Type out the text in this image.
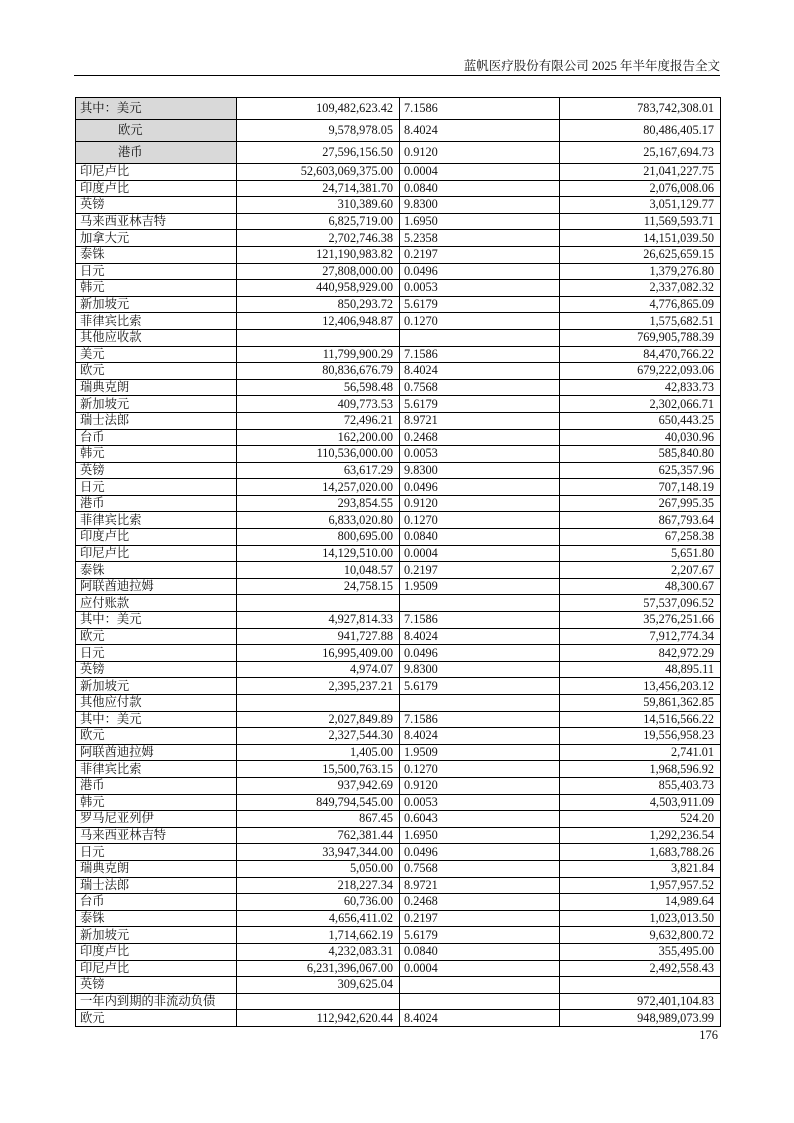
蓝帆医疗股份有限公司 2025 年半年度报告全文
其中：美元	109,482,623.42	7.1586	783,742,308.01
欧元	9,578,978.05	8.4024	80,486,405.17
港币	27,596,156.50	0.9120	25,167,694.73
印尼卢比	52,603,069,375.00	0.0004	21,041,227.75
印度卢比	24,714,381.70	0.0840	2,076,008.06
英镑	310,389.60	9.8300	3,051,129.77
马来西亚林吉特	6,825,719.00	1.6950	11,569,593.71
加拿大元	2,702,746.38	5.2358	14,151,039.50
泰铢	121,190,983.82	0.2197	26,625,659.15
日元	27,808,000.00	0.0496	1,379,276.80
韩元	440,958,929.00	0.0053	2,337,082.32
新加坡元	850,293.72	5.6179	4,776,865.09
菲律宾比索	12,406,948.87	0.1270	1,575,682.51
其他应收款			769,905,788.39
美元	11,799,900.29	7.1586	84,470,766.22
欧元	80,836,676.79	8.4024	679,222,093.06
瑞典克朗	56,598.48	0.7568	42,833.73
新加坡元	409,773.53	5.6179	2,302,066.71
瑞士法郎	72,496.21	8.9721	650,443.25
台币	162,200.00	0.2468	40,030.96
韩元	110,536,000.00	0.0053	585,840.80
英镑	63,617.29	9.8300	625,357.96
日元	14,257,020.00	0.0496	707,148.19
港币	293,854.55	0.9120	267,995.35
菲律宾比索	6,833,020.80	0.1270	867,793.64
印度卢比	800,695.00	0.0840	67,258.38
印尼卢比	14,129,510.00	0.0004	5,651.80
泰铢	10,048.57	0.2197	2,207.67
阿联酋迪拉姆	24,758.15	1.9509	48,300.67
应付账款			57,537,096.52
其中：美元	4,927,814.33	7.1586	35,276,251.66
欧元	941,727.88	8.4024	7,912,774.34
日元	16,995,409.00	0.0496	842,972.29
英镑	4,974.07	9.8300	48,895.11
新加坡元	2,395,237.21	5.6179	13,456,203.12
其他应付款			59,861,362.85
其中：美元	2,027,849.89	7.1586	14,516,566.22
欧元	2,327,544.30	8.4024	19,556,958.23
阿联酋迪拉姆	1,405.00	1.9509	2,741.01
菲律宾比索	15,500,763.15	0.1270	1,968,596.92
港币	937,942.69	0.9120	855,403.73
韩元	849,794,545.00	0.0053	4,503,911.09
罗马尼亚列伊	867.45	0.6043	524.20
马来西亚林吉特	762,381.44	1.6950	1,292,236.54
日元	33,947,344.00	0.0496	1,683,788.26
瑞典克朗	5,050.00	0.7568	3,821.84
瑞士法郎	218,227.34	8.9721	1,957,957.52
台币	60,736.00	0.2468	14,989.64
泰铢	4,656,411.02	0.2197	1,023,013.50
新加坡元	1,714,662.19	5.6179	9,632,800.72
印度卢比	4,232,083.31	0.0840	355,495.00
印尼卢比	6,231,396,067.00	0.0004	2,492,558.43
英镑	309,625.04		
一年内到期的非流动负债			972,401,104.83
欧元	112,942,620.44	8.4024	948,989,073.99
176
